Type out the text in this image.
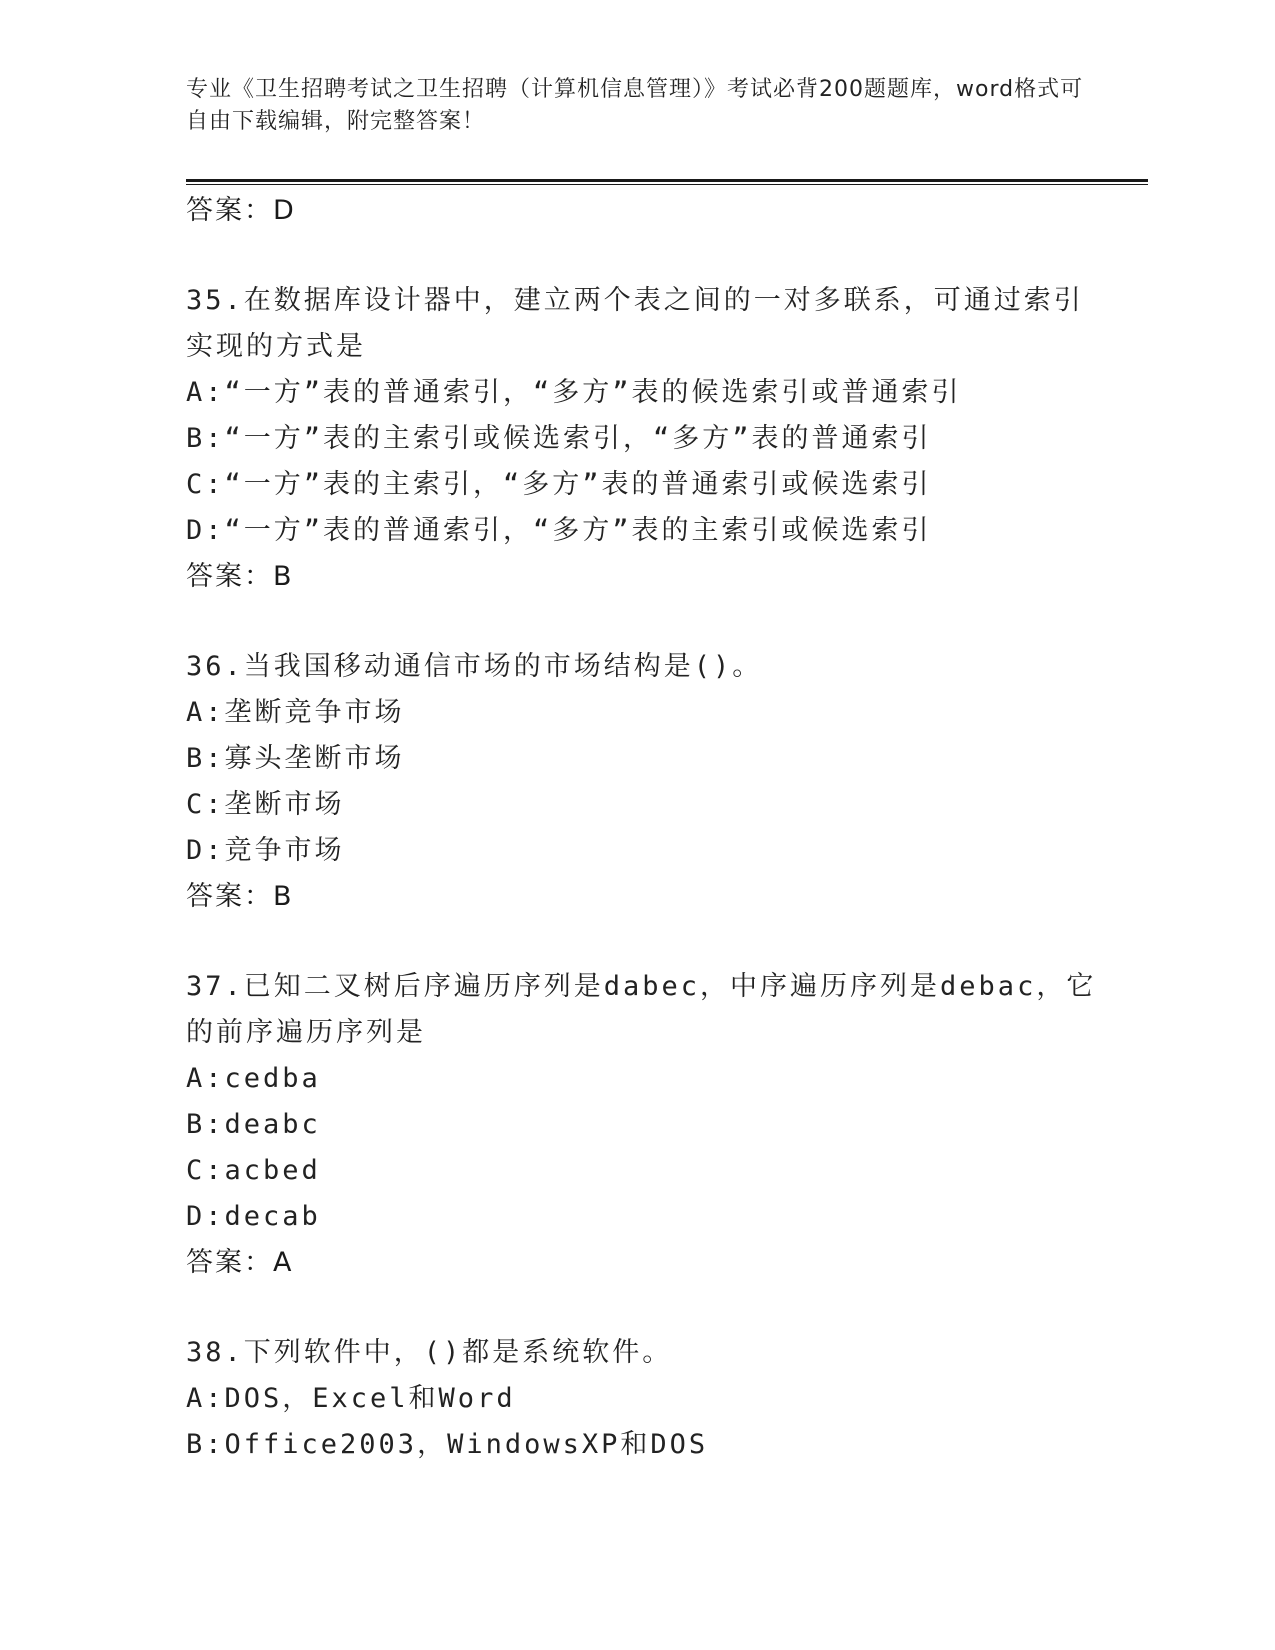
专业《卫生招聘考试之卫生招聘（计算机信息管理）》考试必背200题题库，word格式可自由下载编辑，附完整答案！
答案：D
35.在数据库设计器中，建立两个表之间的一对多联系，可通过索引实现的方式是
A:“一方”表的普通索引，“多方”表的候选索引或普通索引
B:“一方”表的主索引或候选索引，“多方”表的普通索引
C:“一方”表的主索引，“多方”表的普通索引或候选索引
D:“一方”表的普通索引，“多方”表的主索引或候选索引
答案：B
36.当我国移动通信市场的市场结构是()。
A:垄断竞争市场
B:寡头垄断市场
C:垄断市场
D:竞争市场
答案：B
37.已知二叉树后序遍历序列是dabec，中序遍历序列是debac，它的前序遍历序列是
A:cedba
B:deabc
C:acbed
D:decab
答案：A
38.下列软件中，()都是系统软件。
A:DOS，Excel和Word
B:Office2003，WindowsXP和DOS
